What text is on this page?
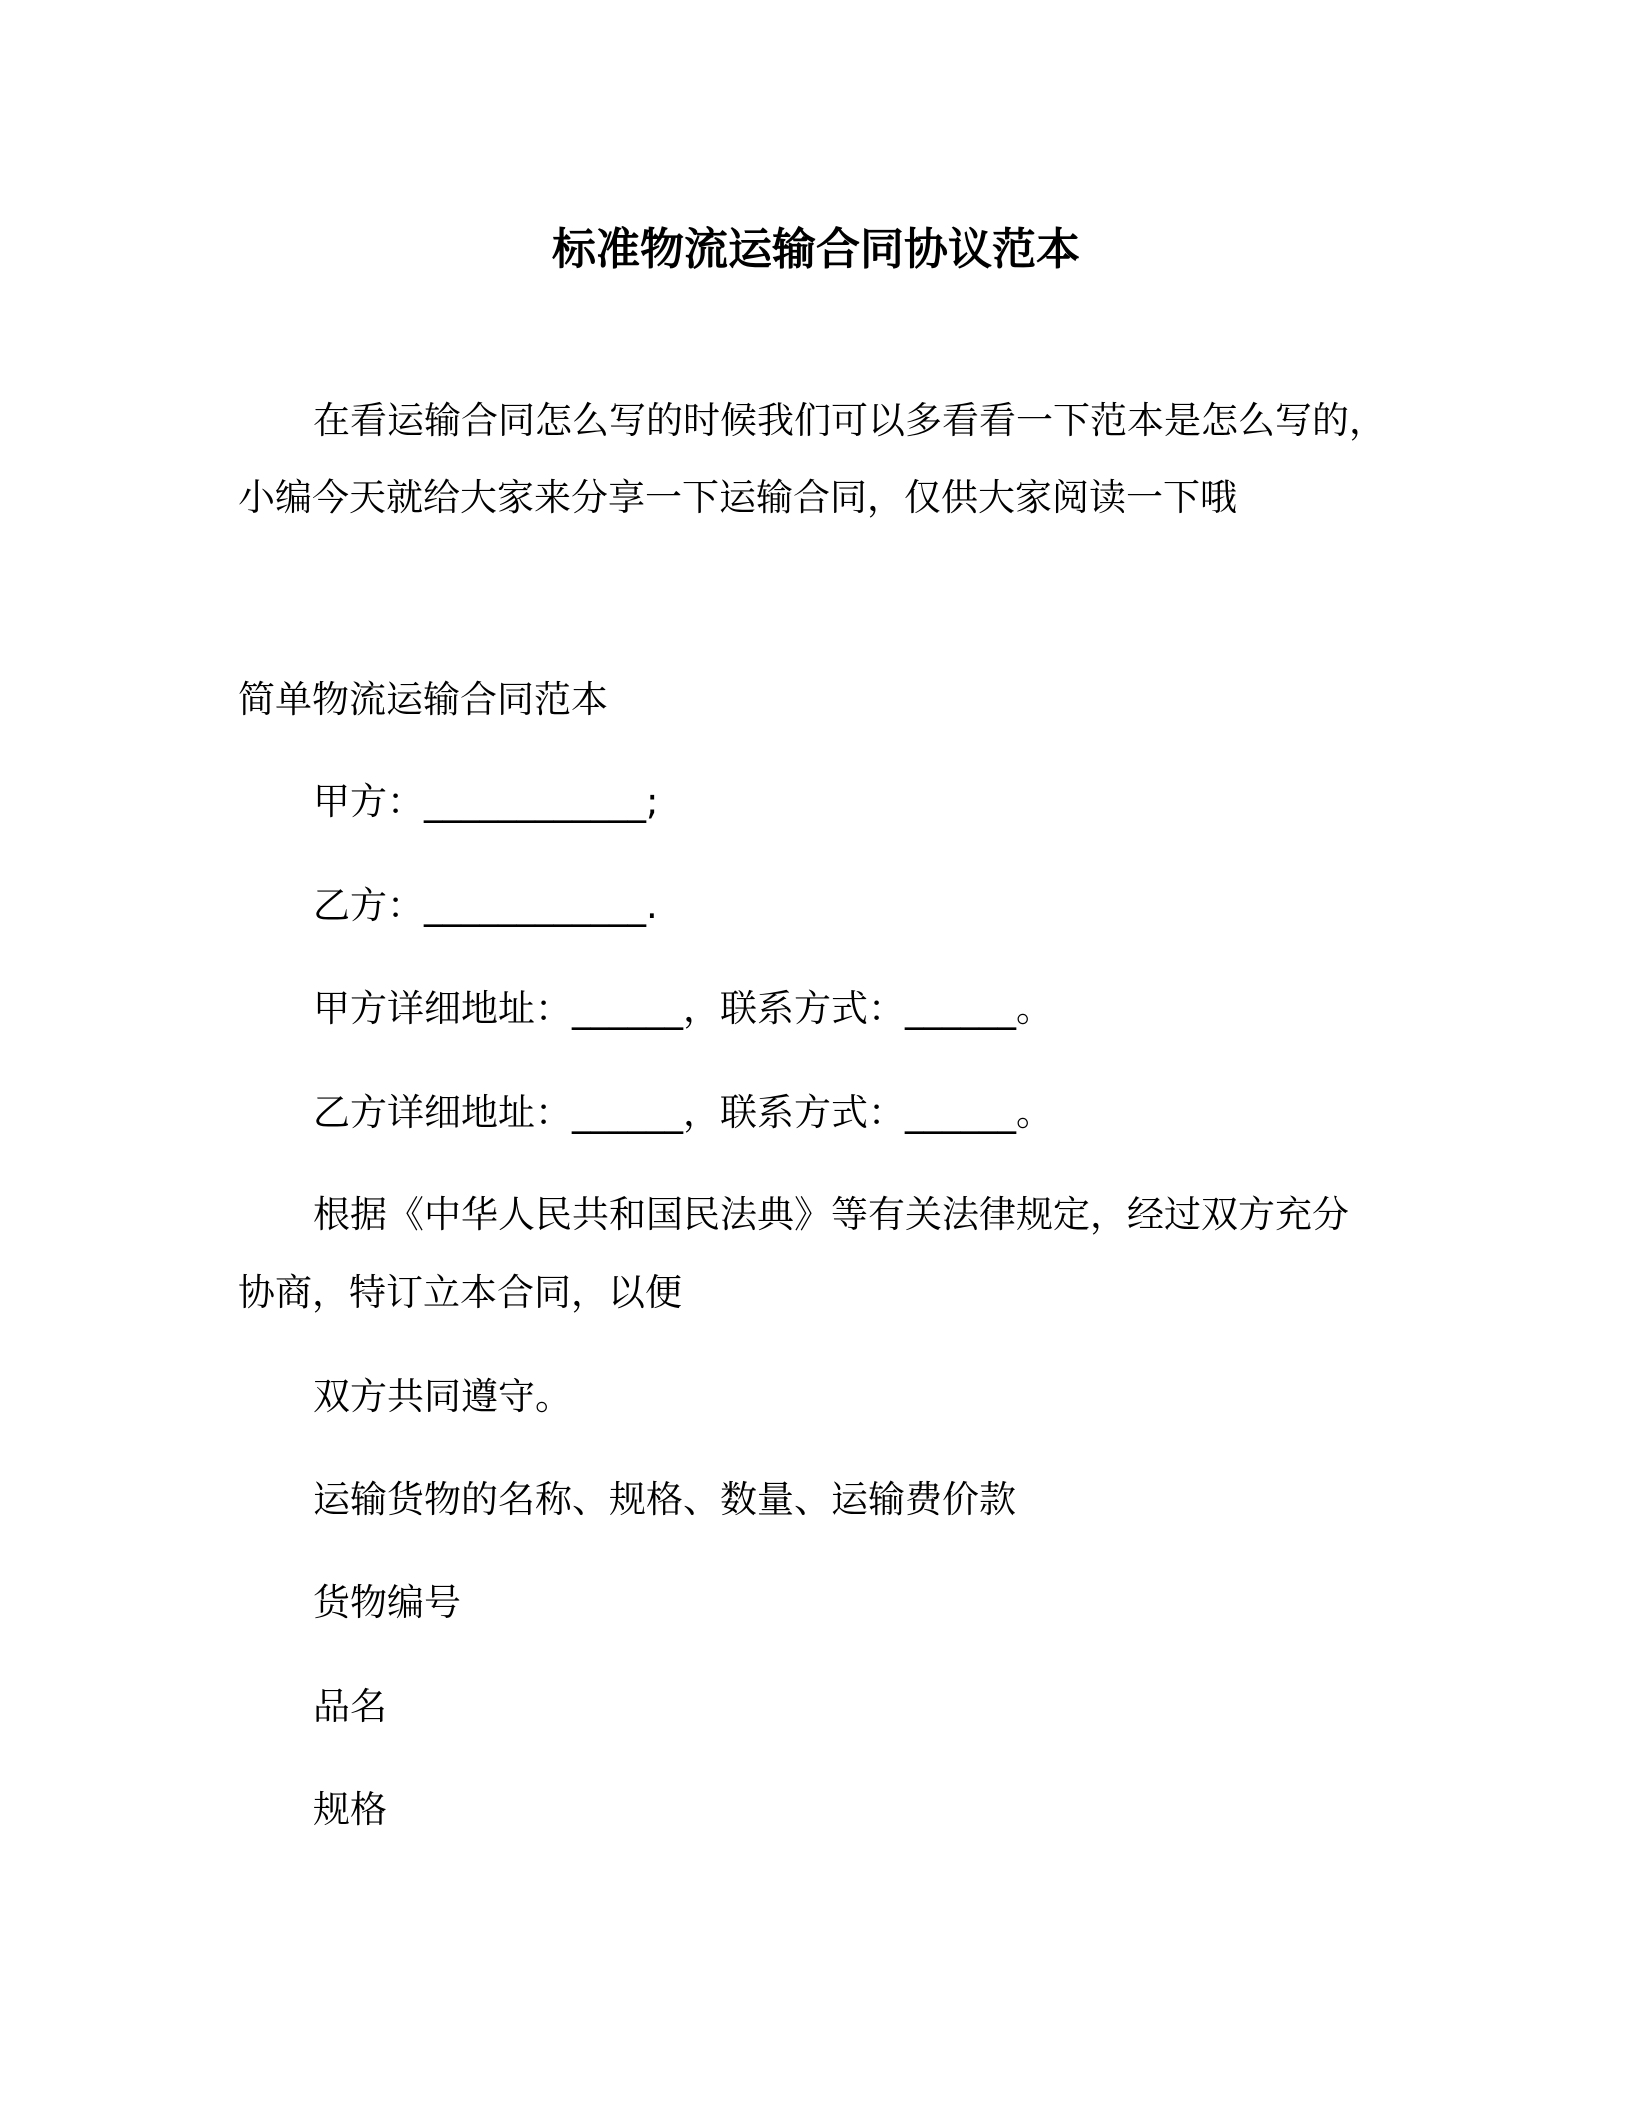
标准物流运输合同协议范本
在看运输合同怎么写的时候我们可以多看看一下范本是怎么写的，
小编今天就给大家来分享一下运输合同，仅供大家阅读一下哦
简单物流运输合同范本
甲方：____________;
乙方：____________.
甲方详细地址：______，联系方式：______。
乙方详细地址：______，联系方式：______。
根据《中华人民共和国民法典》等有关法律规定，经过双方充分
协商，特订立本合同，以便
双方共同遵守。
运输货物的名称、规格、数量、运输费价款
货物编号
品名
规格
